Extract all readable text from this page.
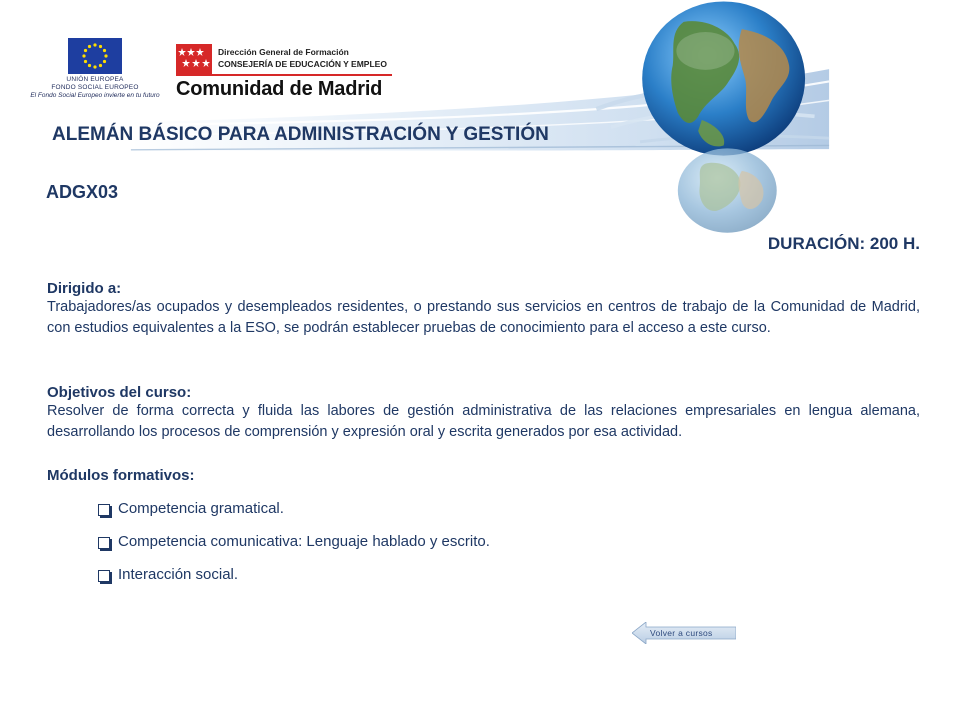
UNIÓN EUROPEA
FONDO SOCIAL EUROPEO
El Fondo Social Europeo invierte en tu futuro
Dirección General de Formación
CONSEJERÍA DE EDUCACIÓN Y EMPLEO
Comunidad de Madrid
ALEMÁN BÁSICO PARA ADMINISTRACIÓN Y GESTIÓN
ADGX03
DURACIÓN: 200 H.
Dirigido a:
Trabajadores/as ocupados y desempleados residentes, o prestando sus servicios en centros de trabajo de la Comunidad de Madrid, con estudios equivalentes a la ESO, se podrán establecer pruebas de conocimiento para el acceso a este curso.
Objetivos del curso:
Resolver de forma correcta y fluida las labores de gestión administrativa de las relaciones empresariales en lengua alemana, desarrollando los procesos de comprensión y expresión oral y escrita generados por esa actividad.
Módulos formativos:
Competencia gramatical.
Competencia comunicativa: Lenguaje hablado y escrito.
Interacción social.
Volver a cursos
